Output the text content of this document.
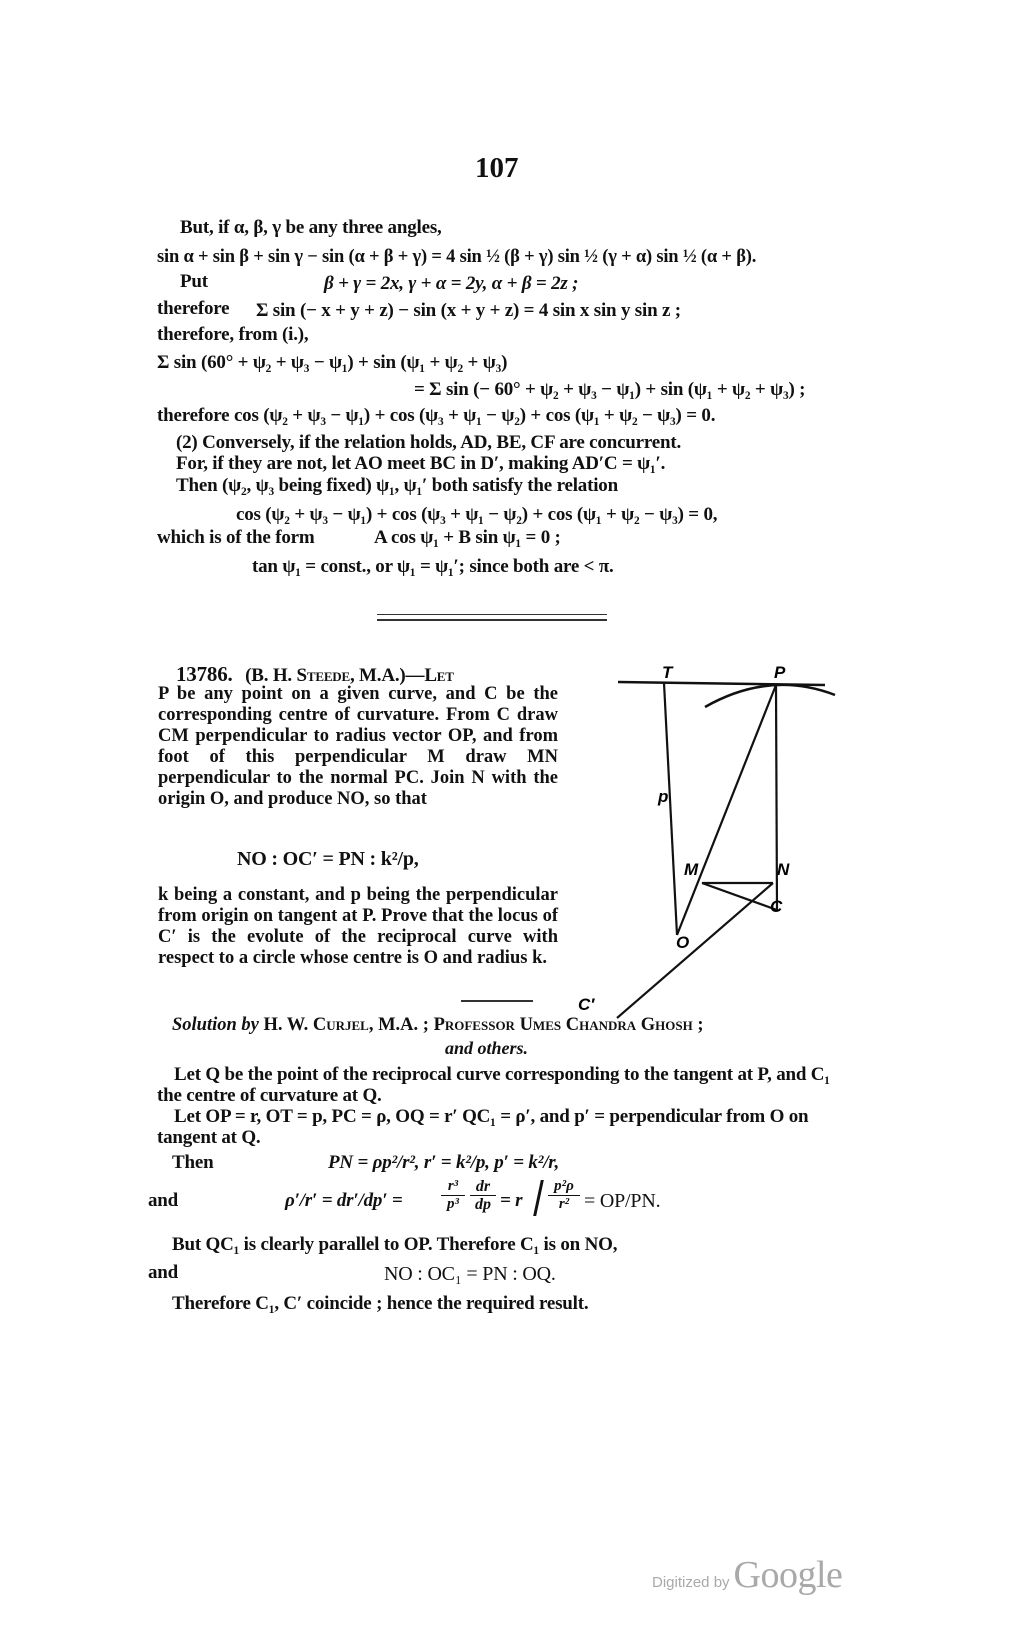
107
But, if α, β, γ be any three angles,
sin α + sin β + sin γ − sin (α + β + γ) = 4 sin ½ (β + γ) sin ½ (γ + α) sin ½ (α + β).
Put	β + γ = 2x, γ + α = 2y, α + β = 2z ;
therefore Σ sin (− x + y + z) − sin (x + y + z) = 4 sin x sin y sin z ;
therefore, from (i.),
Σ sin (60° + ψ₂ + ψ₃ − ψ₁) + sin (ψ₁ + ψ₂ + ψ₃)
= Σ sin (− 60° + ψ₂ + ψ₃ − ψ₁) + sin (ψ₁ + ψ₂ + ψ₃) ;
therefore cos (ψ₂ + ψ₃ − ψ₁) + cos (ψ₃ + ψ₁ − ψ₂) + cos (ψ₁ + ψ₂ − ψ₃) = 0.
(2) Conversely, if the relation holds, AD, BE, CF are concurrent.
For, if they are not, let AO meet BC in D′, making AD′C = ψ₁′.
Then (ψ₂, ψ₃ being fixed) ψ₁, ψ₁′ both satisfy the relation
cos (ψ₂ + ψ₃ − ψ₁) + cos (ψ₃ + ψ₁ − ψ₂) + cos (ψ₁ + ψ₂ − ψ₃) = 0,
which is of the form	A cos ψ₁ + B sin ψ₁ = 0 ;
tan ψ₁ = const., or ψ₁ = ψ₁′; since both are < π.
13786. (B. H. Steede, M.A.)—Let

P be any point on a given curve, and C be the corresponding centre of curvature. From C draw CM perpendicular to radius vector OP, and from foot of this perpendicular M draw MN perpendicular to the normal PC. Join N with the origin O, and produce NO, so that

NO : OC′ = PN : k²/p,

k being a constant, and p being the perpendicular from origin on tangent at P. Prove that the locus of C′ is the evolute of the reciprocal curve with respect to a circle whose centre is O and radius k.

T	P
p
M	N
C
O
C′
Solution by H. W. Curjel, M.A. ; Professor Umes Chandra Ghosh ;
and others.
Let Q be the point of the reciprocal curve corresponding to the tangent at P, and C₁ the centre of curvature at Q.
Let OP = r, OT = p, PC = ρ, OQ = r′ QC₁ = ρ′, and p′ = perpendicular from O on tangent at Q.
Then	PN = ρp²/r², r′ = k²/p, p′ = k²/r,
and	ρ′/r′ = dr′/dp′ =	$\frac{\text{r³}}{\text{p³}} \frac{dr}{dp} = r \frac{\text{p²ρ}}{\text{r²}} = OP/PN$.
But QC₁ is clearly parallel to OP. Therefore C₁ is on NO,
and	NO : OC₁ = PN : OQ.
Therefore C₁, C′ coincide ; hence the required result.
Digitized by Google
